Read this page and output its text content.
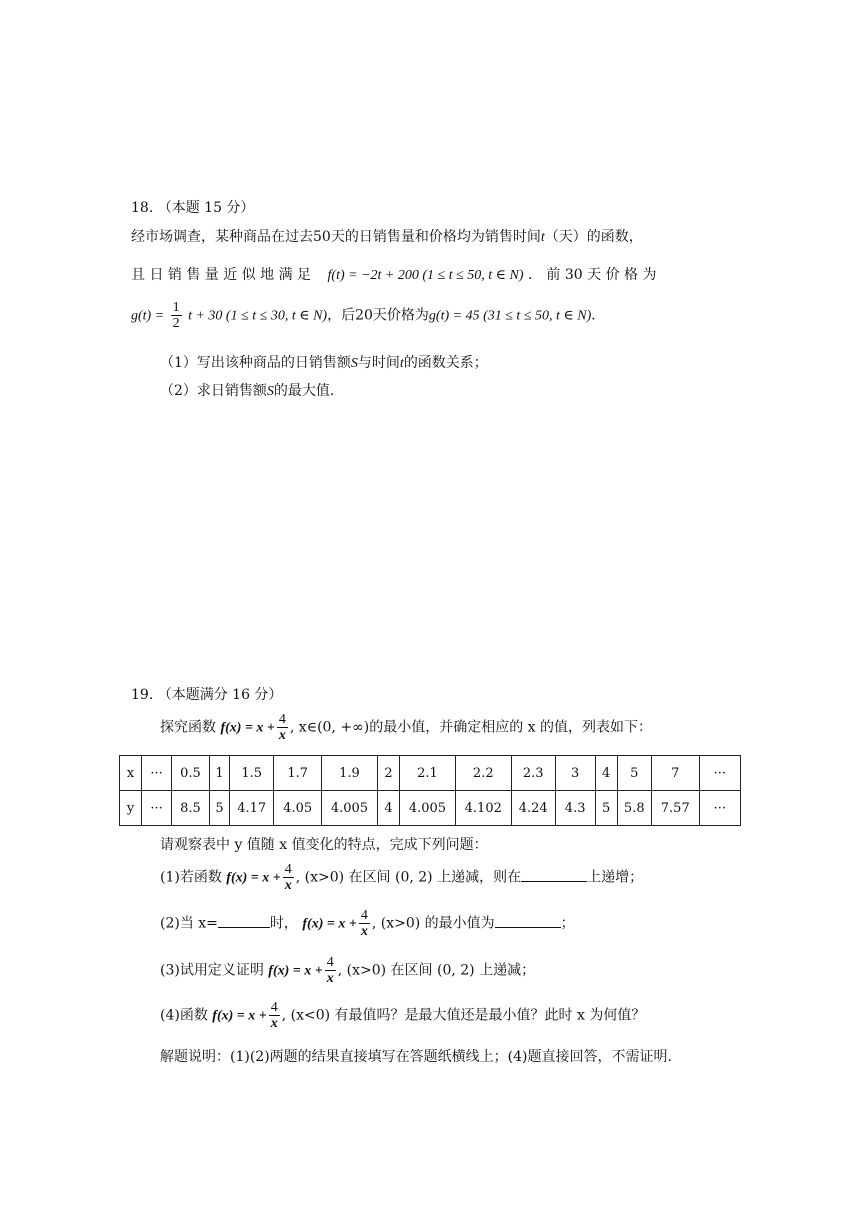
18. （本题 15 分）
经市场调查，某种商品在过去50天的日销售量和价格均为销售时间t（天）的函数，
且 日 销 售 量 近 似 地 满 足 f(t) = −2t + 200 (1 ≤ t ≤ 50, t ∈ N) ． 前 30 天 价 格 为
$g(t) = \frac{1}{2}$ t + 30 (1 ≤ t ≤ 30, t ∈ N)，后20天价格为g(t) = 45 (31 ≤ t ≤ 50, t ∈ N)．
（1）写出该种商品的日销售额S与时间t的函数关系；
（2）求日销售额S的最大值.
19. （本题满分 16 分）
探究函数 $f(x) = x + \frac{4}{x}$ , x∈(0, +∞)的最小值，并确定相应的 x 的值，列表如下：
x	···	0.5	1	1.5	1.7	1.9	2	2.1	2.2	2.3	3	4	5	7	···
y	···	8.5	5	4.17	4.05	4.005	4	4.005	4.102	4.24	4.3	5	5.8	7.57	···
请观察表中 y 值随 x 值变化的特点，完成下列问题：
(1)若函数 $f(x) = x + \frac{4}{x}$ , (x>0) 在区间 (0, 2) 上递减，则在	上递增；
(2)当 x=	时， $f(x) = x + \frac{4}{x}$ , (x>0) 的最小值为	；
(3)试用定义证明 $f(x) = x + \frac{4}{x}$ , (x>0) 在区间 (0, 2) 上递减；
(4)函数 $f(x) = x + \frac{4}{x}$ , (x<0) 有最值吗？是最大值还是最小值？此时 x 为何值？
解题说明：(1)(2)两题的结果直接填写在答题纸横线上；(4)题直接回答，不需证明.
